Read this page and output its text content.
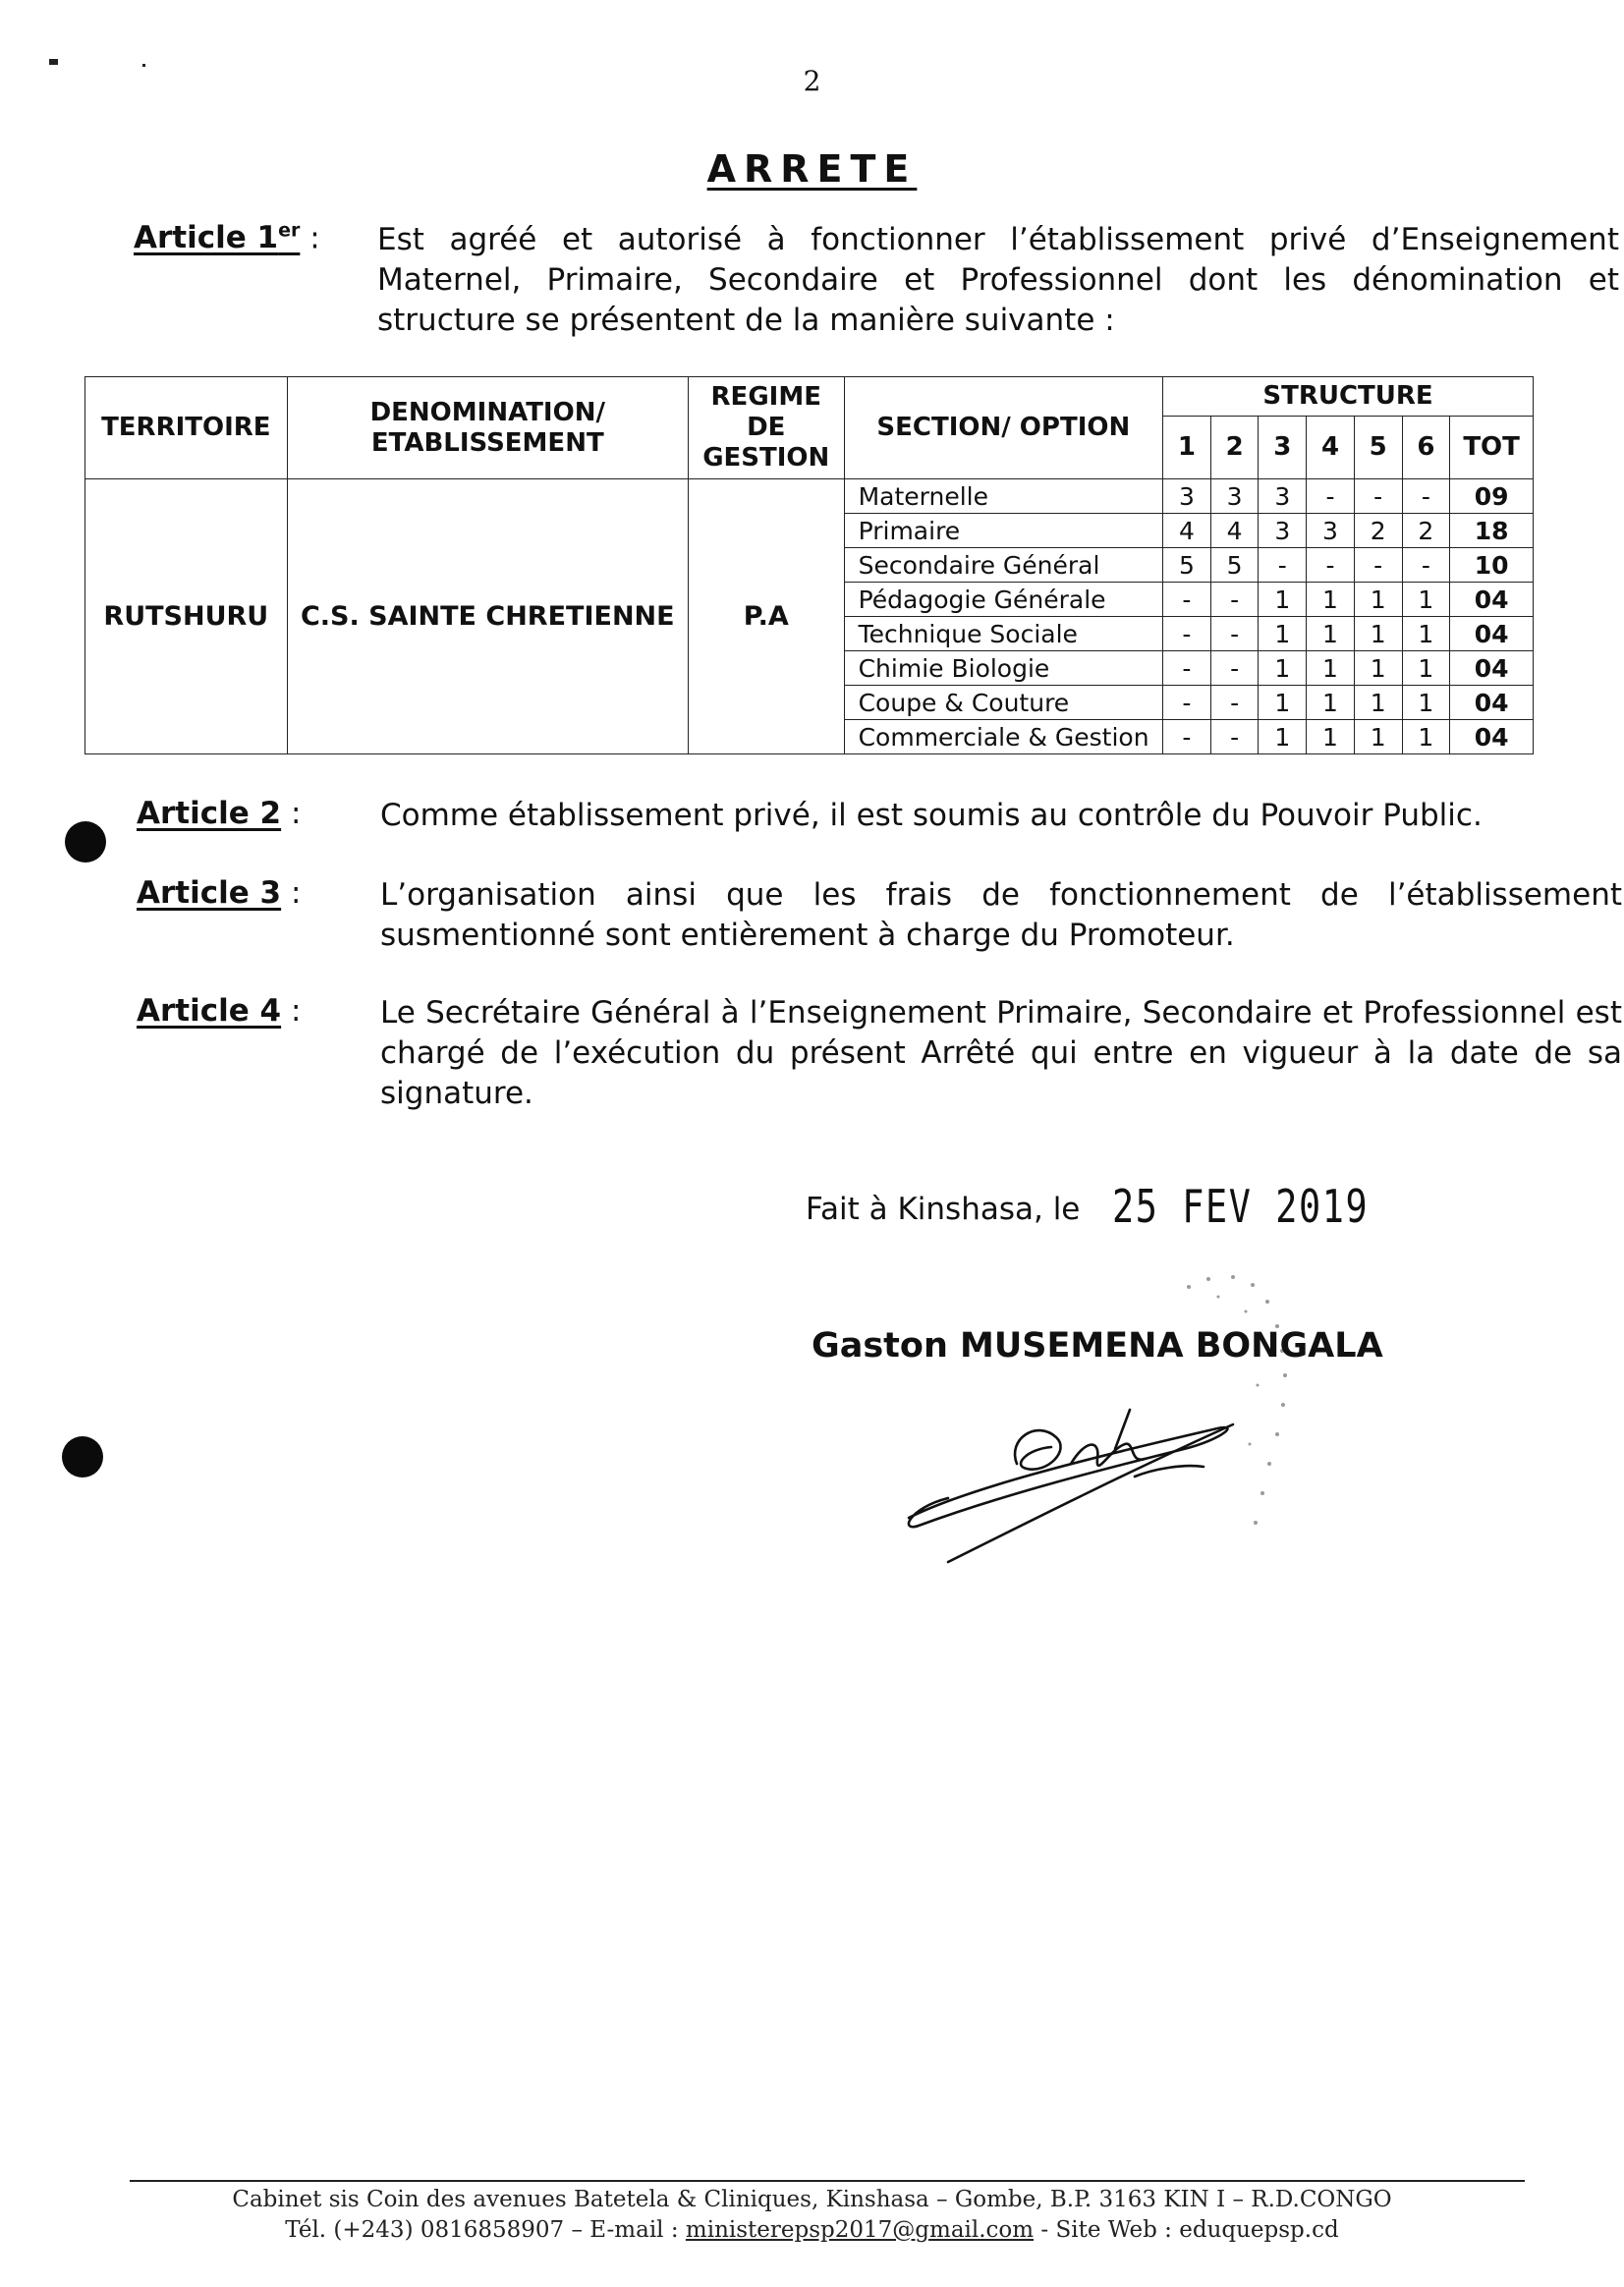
2
ARRETE
Article 1er : Est agréé et autorisé à fonctionner l’établissement privé d’Enseignement Maternel, Primaire, Secondaire et Professionnel dont les dénomination et structure se présentent de la manière suivante :
TERRITOIRE	DENOMINATION/ ETABLISSEMENT	REGIME DE GESTION	SECTION/ OPTION	STRUCTURE						
				1	2	3	4	5	6	TOT
RUTSHURU	C.S. SAINTE CHRETIENNE	P.A	Maternelle	3	3	3	-	-	-	09
			Primaire	4	4	3	3	2	2	18
			Secondaire Général	5	5	-	-	-	-	10
			Pédagogie Générale	-	-	1	1	1	1	04
			Technique Sociale	-	-	1	1	1	1	04
			Chimie Biologie	-	-	1	1	1	1	04
			Coupe & Couture	-	-	1	1	1	1	04
			Commerciale & Gestion	-	-	1	1	1	1	04
Article 2 :	Comme établissement privé, il est soumis au contrôle du Pouvoir Public.
Article 3 :	L’organisation ainsi que les frais de fonctionnement de l’établissement susmentionné sont entièrement à charge du Promoteur.
Article 4 :	Le Secrétaire Général à l’Enseignement Primaire, Secondaire et Professionnel est chargé de l’exécution du présent Arrêté qui entre en vigueur à la date de sa signature.
Fait à Kinshasa, le 25 FEV 2019
Gaston MUSEMENA BONGALA
Cabinet sis Coin des avenues Batetela & Cliniques, Kinshasa – Gombe, B.P. 3163 KIN I – R.D.CONGO
Tél. (+243) 0816858907 – E-mail : ministerepsp2017@gmail.com - Site Web : eduquepsp.cd
